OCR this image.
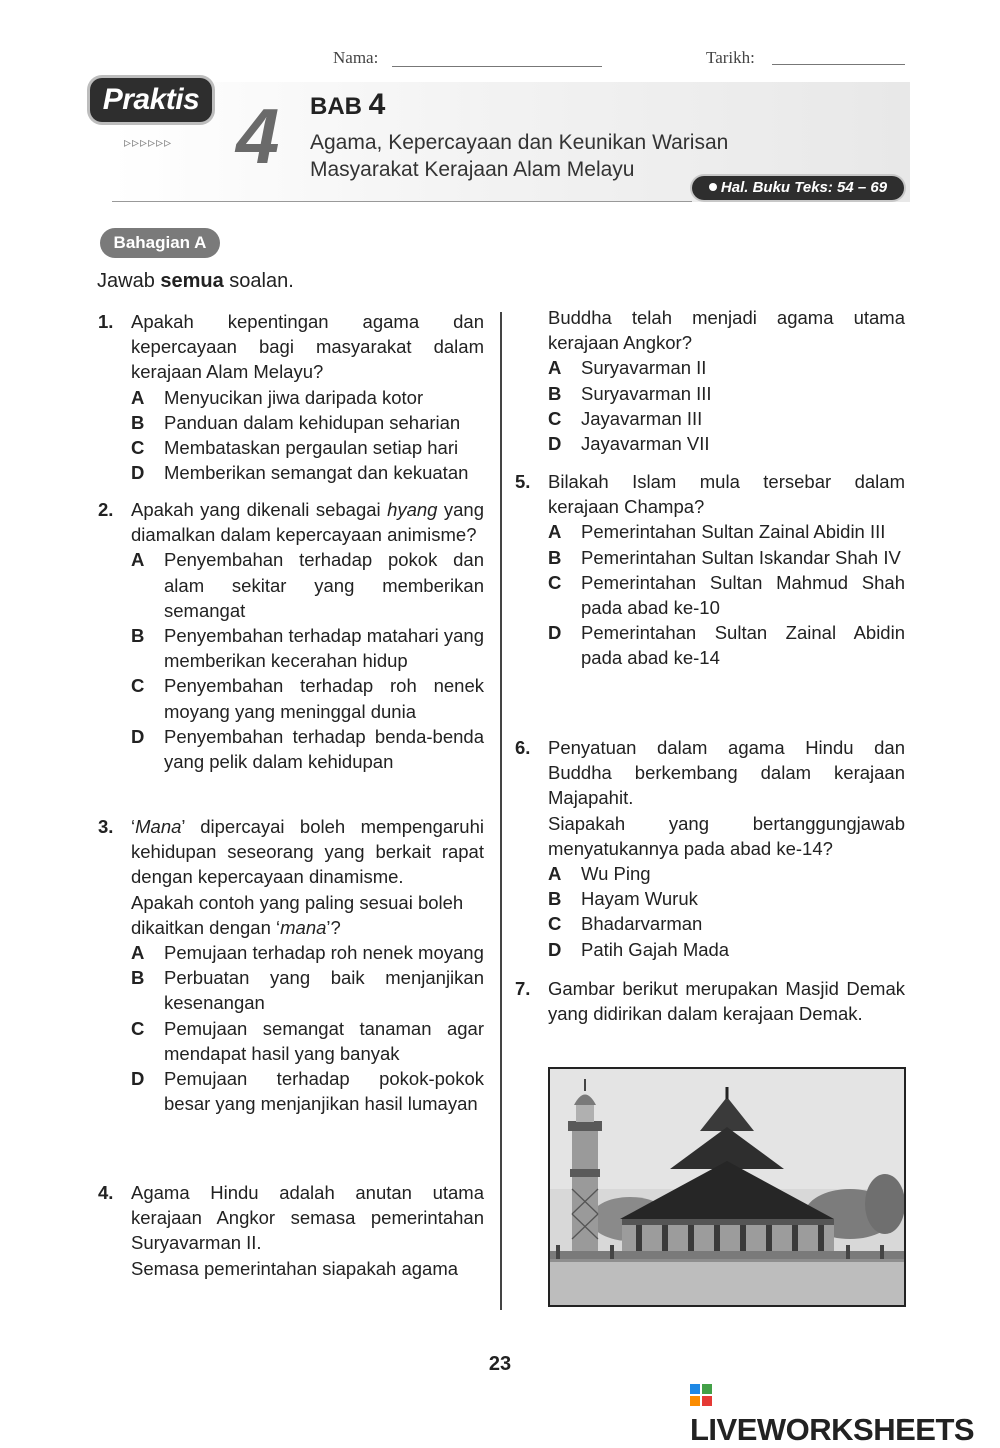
Nama:	Tarikh:
Praktis
▹▹▹▹▹▹ 4 BAB 4
Agama, Kepercayaan dan Keunikan Warisan
Masyarakat Kerajaan Alam Melayu
Hal. Buku Teks: 54 – 69
Bahagian A
Jawab semua soalan.
1. Apakah kepentingan agama dan kepercayaan bagi masyarakat dalam kerajaan Alam Melayu?

A	Menyucikan jiwa daripada kotor
B	Panduan dalam kehidupan seharian
C	Membataskan pergaulan setiap hari
D	Memberikan semangat dan kekuatan
2. Apakah yang dikenali sebagai hyang yang diamalkan dalam kepercayaan animisme?

A	Penyembahan terhadap pokok dan alam sekitar yang memberikan semangat
B	Penyembahan terhadap matahari yang memberikan kecerahan hidup
C	Penyembahan terhadap roh nenek moyang yang meninggal dunia
D	Penyembahan terhadap benda-benda yang pelik dalam kehidupan
3. ‘Mana’ dipercayai boleh mempengaruhi kehidupan seseorang yang berkait rapat dengan kepercayaan dinamisme.

Apakah contoh yang paling sesuai boleh dikaitkan dengan ‘mana’?

A	Pemujaan terhadap roh nenek moyang
B	Perbuatan yang baik menjanjikan kesenangan
C	Pemujaan semangat tanaman agar mendapat hasil yang banyak
D	Pemujaan terhadap pokok-pokok besar yang menjanjikan hasil lumayan
4. Agama Hindu adalah anutan utama kerajaan Angkor semasa pemerintahan Suryavarman II.

Semasa pemerintahan siapakah agama

Buddha telah menjadi agama utama kerajaan Angkor?

A	Suryavarman II
B	Suryavarman III
C	Jayavarman III
D	Jayavarman VII
5. Bilakah Islam mula tersebar dalam kerajaan Champa?

A	Pemerintahan Sultan Zainal Abidin III
B	Pemerintahan Sultan Iskandar Shah IV
C	Pemerintahan Sultan Mahmud Shah pada abad ke-10
D	Pemerintahan Sultan Zainal Abidin pada abad ke-14
6. Penyatuan dalam agama Hindu dan Buddha berkembang dalam kerajaan Majapahit.

Siapakah yang bertanggungjawab menyatukannya pada abad ke-14?

A	Wu Ping
B	Hayam Wuruk
C	Bhadarvarman
D	Patih Gajah Mada
7. Gambar berikut merupakan Masjid Demak yang didirikan dalam kerajaan Demak.

23
LIVEWORKSHEETS
